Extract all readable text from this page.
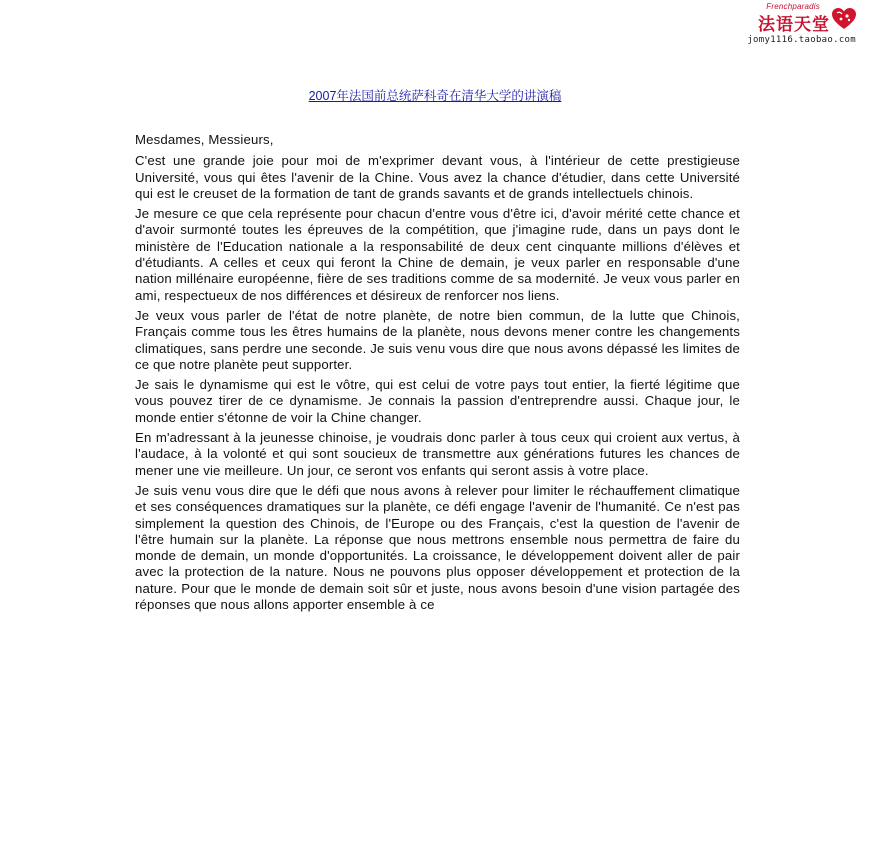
Frenchparadis
法语天堂
jomy1116.taobao.com
2007年法国前总统萨科奇在清华大学的讲演稿

Mesdames, Messieurs,

C'est une grande joie pour moi de m'exprimer devant vous, à l'intérieur de cette prestigieuse Université, vous qui êtes l'avenir de la Chine. Vous avez la chance d'étudier, dans cette Université qui est le creuset de la formation de tant de grands savants et de grands intellectuels chinois.

Je mesure ce que cela représente pour chacun d'entre vous d'être ici, d'avoir mérité cette chance et d'avoir surmonté toutes les épreuves de la compétition, que j'imagine rude, dans un pays dont le ministère de l'Education nationale a la responsabilité de deux cent cinquante millions d'élèves et d'étudiants. A celles et ceux qui feront la Chine de demain, je veux parler en responsable d'une nation millénaire européenne, fière de ses traditions comme de sa modernité. Je veux vous parler en ami, respectueux de nos différences et désireux de renforcer nos liens.

Je veux vous parler de l'état de notre planète, de notre bien commun, de la lutte que Chinois, Français comme tous les êtres humains de la planète, nous devons mener contre les changements climatiques, sans perdre une seconde. Je suis venu vous dire que nous avons dépassé les limites de ce que notre planète peut supporter.

Je sais le dynamisme qui est le vôtre, qui est celui de votre pays tout entier, la fierté légitime que vous pouvez tirer de ce dynamisme. Je connais la passion d'entreprendre aussi. Chaque jour, le monde entier s'étonne de voir la Chine changer.

En m'adressant à la jeunesse chinoise, je voudrais donc parler à tous ceux qui croient aux vertus, à l'audace, à la volonté et qui sont soucieux de transmettre aux générations futures les chances de mener une vie meilleure. Un jour, ce seront vos enfants qui seront assis à votre place.

Je suis venu vous dire que le défi que nous avons à relever pour limiter le réchauffement climatique et ses conséquences dramatiques sur la planète, ce défi engage l'avenir de l'humanité. Ce n'est pas simplement la question des Chinois, de l'Europe ou des Français, c'est la question de l'avenir de l'être humain sur la planète. La réponse que nous mettrons ensemble nous permettra de faire du monde de demain, un monde d'opportunités. La croissance, le développement doivent aller de pair avec la protection de la nature. Nous ne pouvons plus opposer développement et protection de la nature. Pour que le monde de demain soit sûr et juste, nous avons besoin d'une vision partagée des réponses que nous allons apporter ensemble à ce
